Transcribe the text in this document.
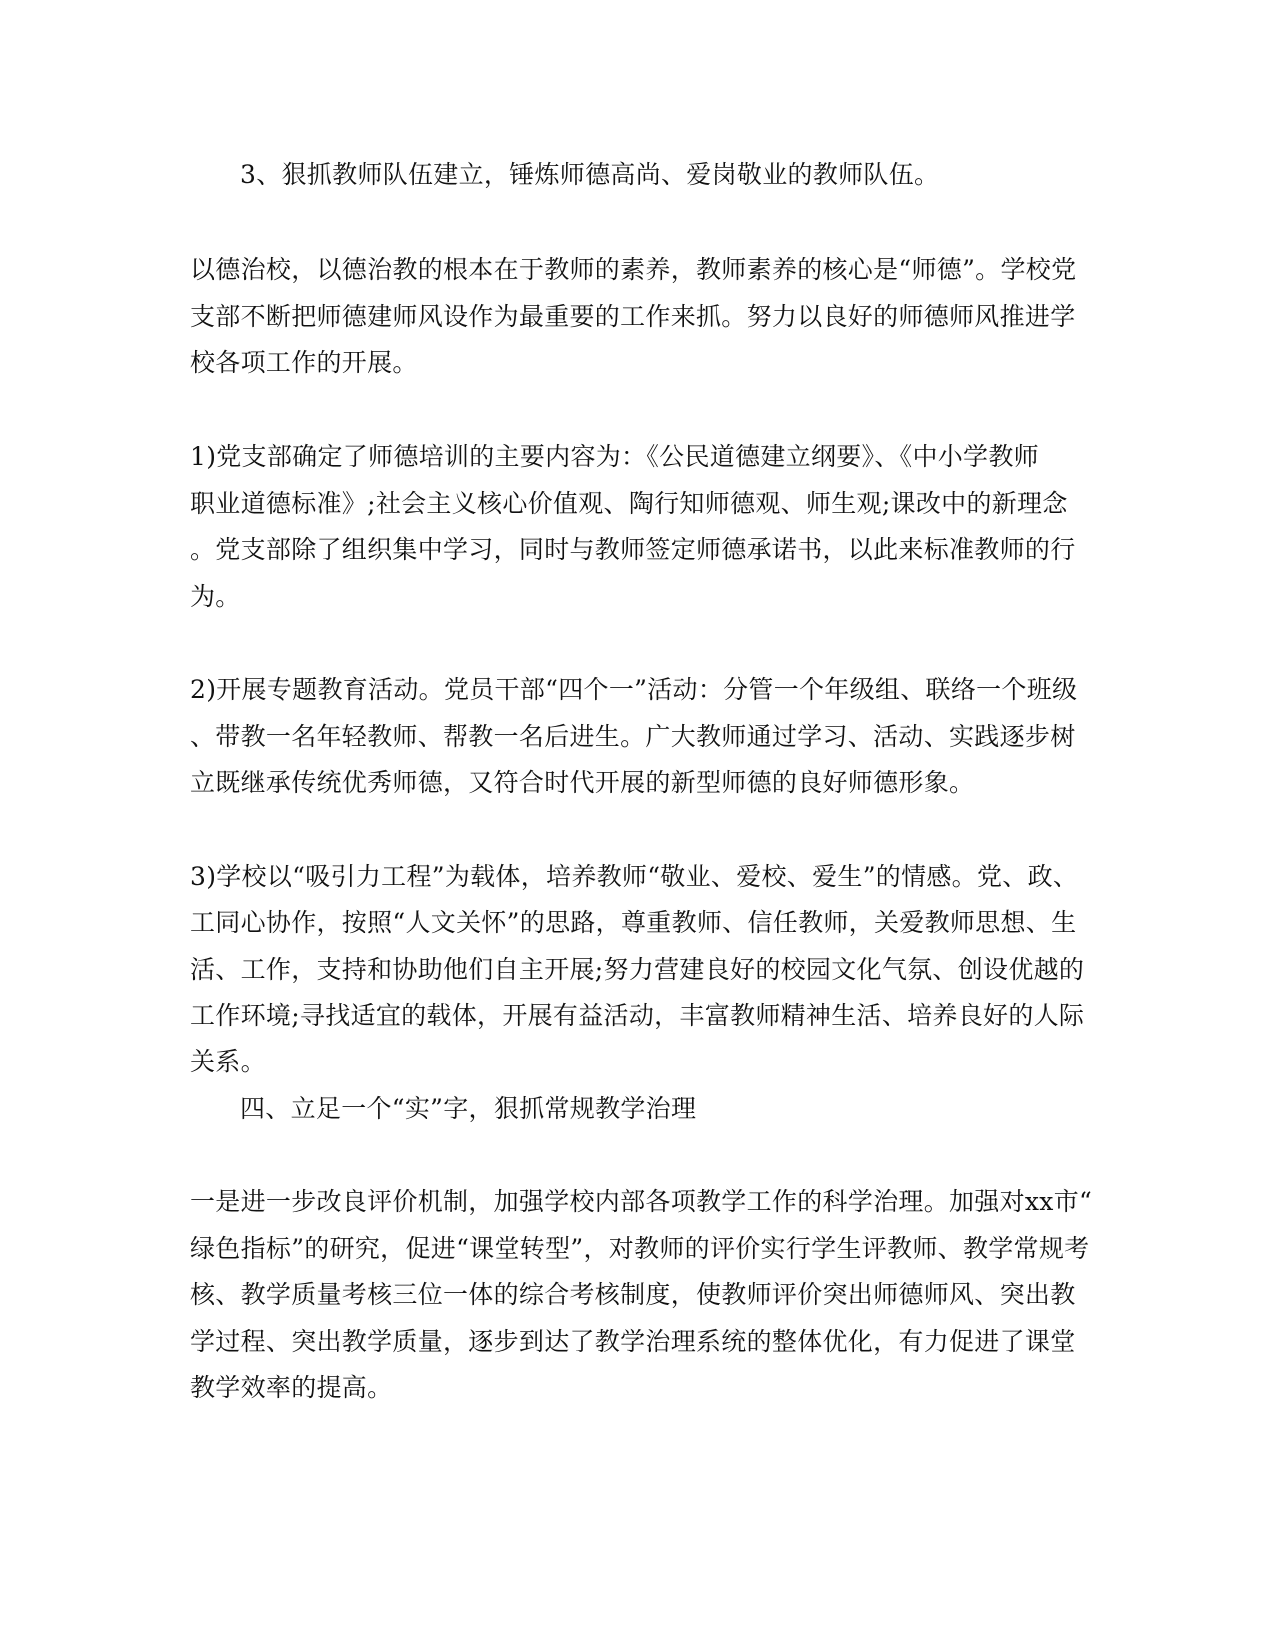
3、狠抓教师队伍建立，锤炼师德高尚、爱岗敬业的教师队伍。
以德治校，以德治教的根本在于教师的素养，教师素养的核心是“师德”。学校党
支部不断把师德建师风设作为最重要的工作来抓。努力以良好的师德师风推进学
校各项工作的开展。
1)党支部确定了师德培训的主要内容为：《公民道德建立纲要》、《中小学教师
职业道德标准》;社会主义核心价值观、陶行知师德观、师生观;课改中的新理念
。党支部除了组织集中学习，同时与教师签定师德承诺书，以此来标准教师的行
为。
2)开展专题教育活动。党员干部“四个一”活动：分管一个年级组、联络一个班级
、带教一名年轻教师、帮教一名后进生。广大教师通过学习、活动、实践逐步树
立既继承传统优秀师德，又符合时代开展的新型师德的良好师德形象。
3)学校以“吸引力工程”为载体，培养教师“敬业、爱校、爱生”的情感。党、政、
工同心协作，按照“人文关怀”的思路，尊重教师、信任教师，关爱教师思想、生
活、工作，支持和协助他们自主开展;努力营建良好的校园文化气氛、创设优越的
工作环境;寻找适宜的载体，开展有益活动，丰富教师精神生活、培养良好的人际
关系。
四、立足一个“实”字，狠抓常规教学治理
一是进一步改良评价机制，加强学校内部各项教学工作的科学治理。加强对xx市“
绿色指标”的研究，促进“课堂转型”，对教师的评价实行学生评教师、教学常规考
核、教学质量考核三位一体的综合考核制度，使教师评价突出师德师风、突出教
学过程、突出教学质量，逐步到达了教学治理系统的整体优化，有力促进了课堂
教学效率的提高。
